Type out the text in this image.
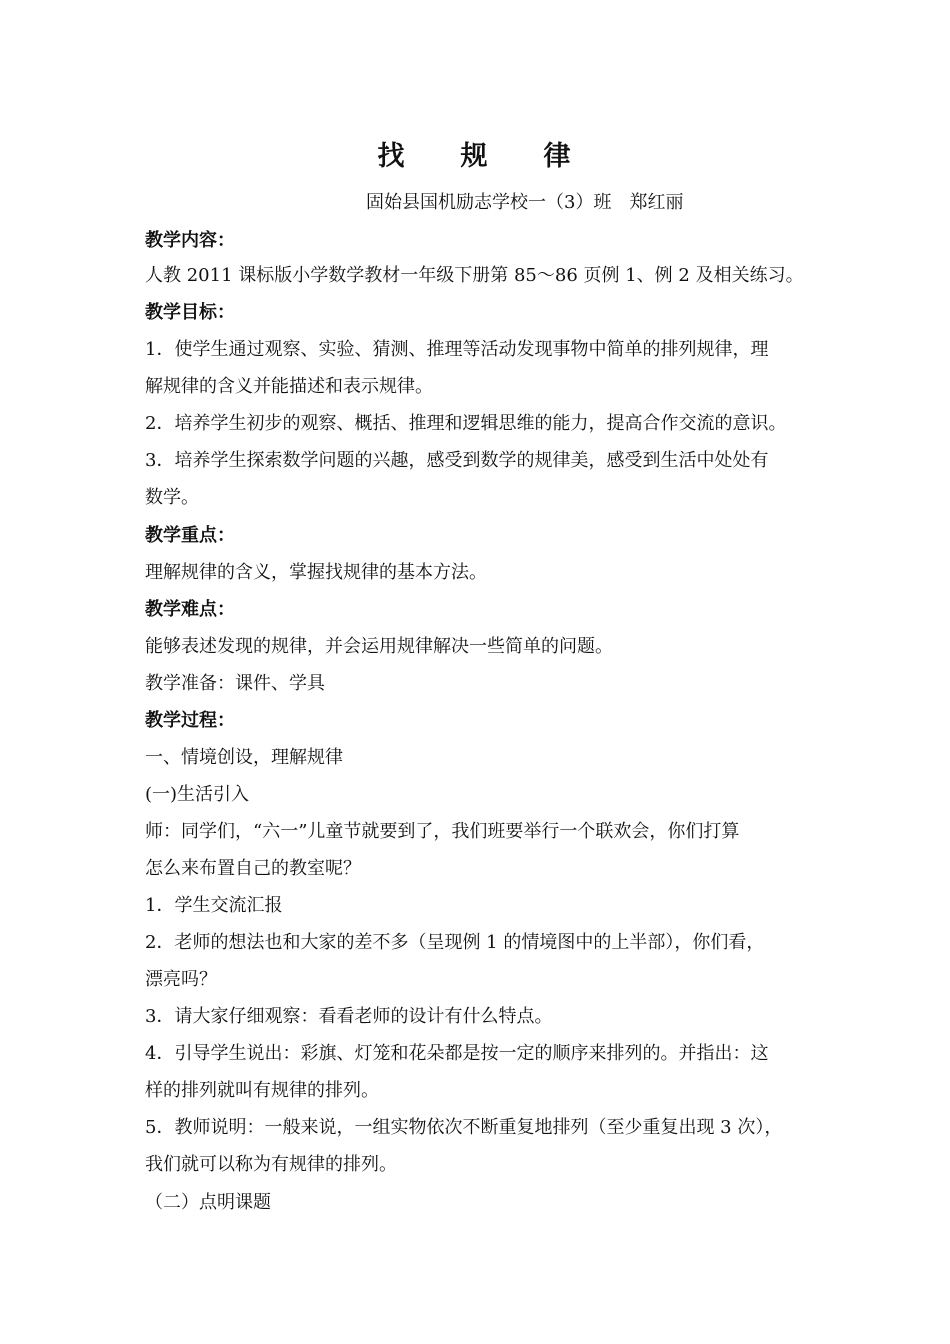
找 规 律
固始县国机励志学校一（3）班　郑红丽
教学内容：
人教 2011 课标版小学数学教材一年级下册第 85～86 页例 1、例 2 及相关练习。
教学目标：
1．使学生通过观察、实验、猜测、推理等活动发现事物中简单的排列规律，理
解规律的含义并能描述和表示规律。
2．培养学生初步的观察、概括、推理和逻辑思维的能力，提高合作交流的意识。
3．培养学生探索数学问题的兴趣，感受到数学的规律美，感受到生活中处处有
数学。
教学重点：
理解规律的含义，掌握找规律的基本方法。
教学难点：
能够表述发现的规律，并会运用规律解决一些简单的问题。
教学准备：课件、学具
教学过程：
一、情境创设，理解规律
(一)生活引入
师：同学们，“六一”儿童节就要到了，我们班要举行一个联欢会，你们打算
怎么来布置自己的教室呢？
1．学生交流汇报
2．老师的想法也和大家的差不多（呈现例 1 的情境图中的上半部），你们看，
漂亮吗？
3．请大家仔细观察：看看老师的设计有什么特点。
4．引导学生说出：彩旗、灯笼和花朵都是按一定的顺序来排列的。并指出：这
样的排列就叫有规律的排列。
5．教师说明：一般来说，一组实物依次不断重复地排列（至少重复出现 3 次），
我们就可以称为有规律的排列。
（二）点明课题
